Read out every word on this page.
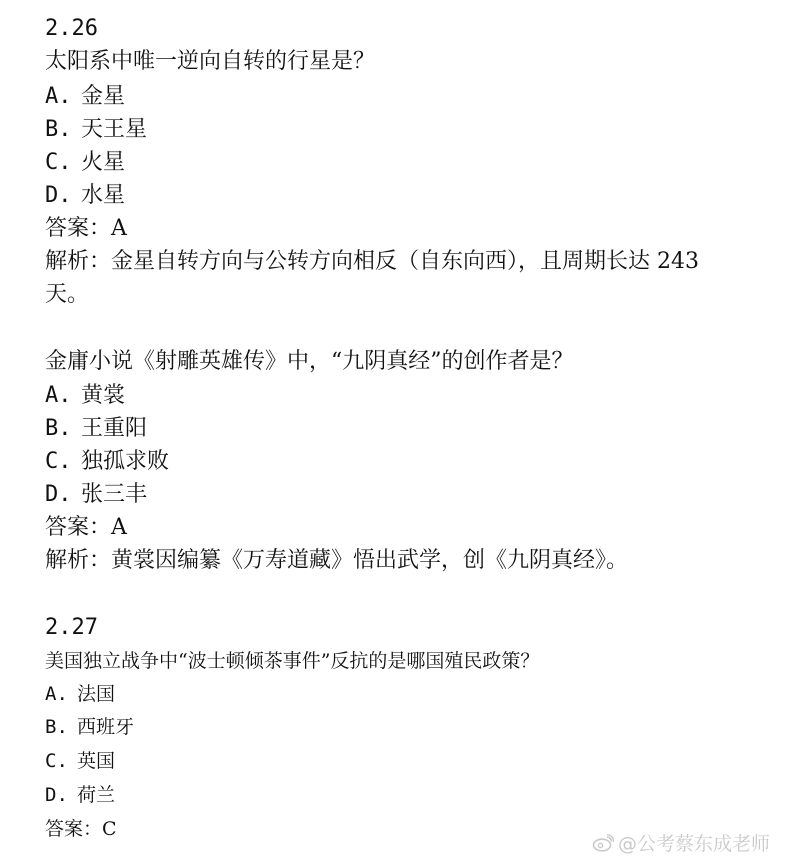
2.26
太阳系中唯一逆向自转的行星是？
A. 金星
B. 天王星
C. 火星
D. 水星
答案：A
解析：金星自转方向与公转方向相反（自东向西），且周期长达 243
天。
金庸小说《射雕英雄传》中，“九阴真经”的创作者是？
A. 黄裳
B. 王重阳
C. 独孤求败
D. 张三丰
答案：A
解析：黄裳因编纂《万寿道藏》悟出武学，创《九阴真经》。
2.27
美国独立战争中“波士顿倾茶事件”反抗的是哪国殖民政策？
A. 法国
B. 西班牙
C. 英国
D. 荷兰
答案：C
@公考蔡东成老师
